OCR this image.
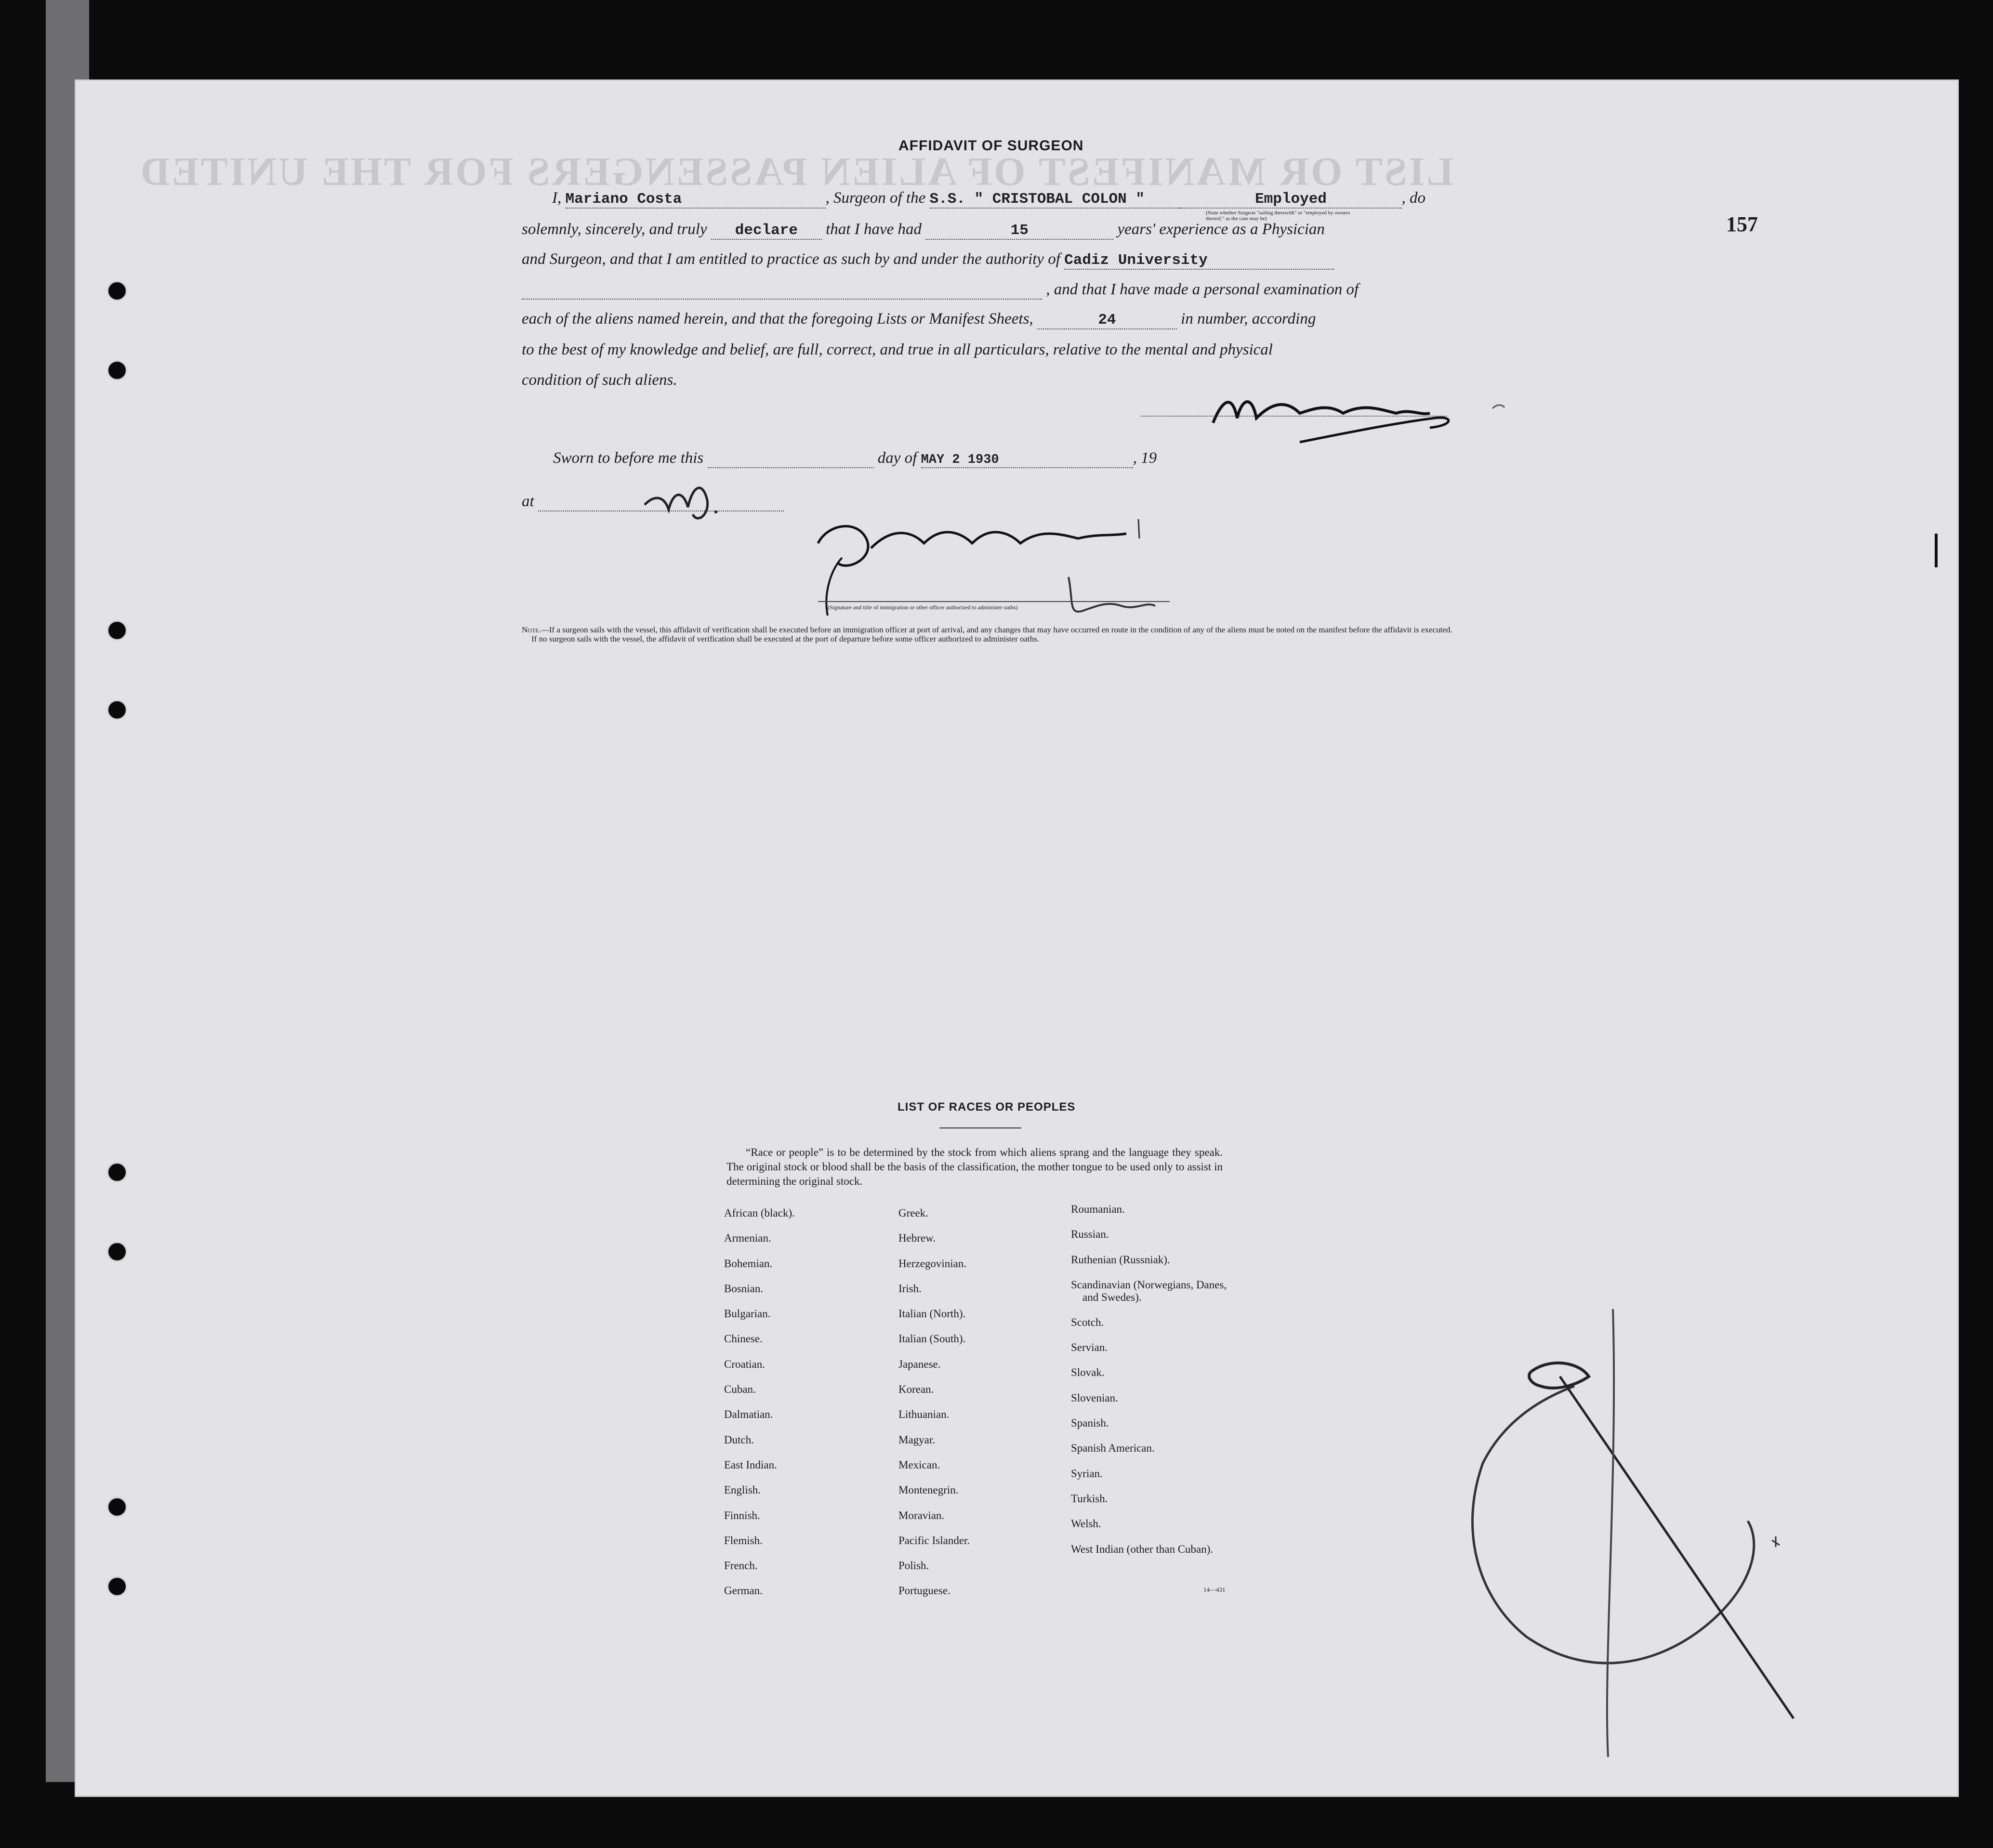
LIST OR MANIFEST OF ALIEN PASSENGERS FOR THE UNITED
157
AFFIDAVIT OF SURGEON
I, Mariano Costa	, Surgeon of the S.S. " CRISTOBAL COLON "	Employed	, do
(State whether Surgeon "sailing therewith" or "employed by owners thereof," as the case may be)
solemnly, sincerely, and truly declare that I have had	15	years' experience as a Physician
and Surgeon, and that I am entitled to practice as such by and under the authority of Cadiz University
, and that I have made a personal examination of
each of the aliens named herein, and that the foregoing Lists or Manifest Sheets,	24	in number, according
to the best of my knowledge and belief, are full, correct, and true in all particulars, relative to the mental and physical
condition of such aliens.
Sworn to before me this	day of MAY 2 1930	, 19
at
(Signature and title of immigration or other officer authorized to administer oaths)
Note.—If a surgeon sails with the vessel, this affidavit of verification shall be executed before an immigration officer at port of arrival, and any changes that may have occurred en route in the condition of any of the aliens must be noted on the manifest before the affidavit is executed.
If no surgeon sails with the vessel, the affidavit of verification shall be executed at the port of departure before some officer authorized to administer oaths.
LIST OF RACES OR PEOPLES
“Race or people” is to be determined by the stock from which aliens sprang and the language they speak. The original stock or blood shall be the basis of the classification, the mother tongue to be used only to assist in determining the original stock.
African (black).
Armenian.
Bohemian.
Bosnian.
Bulgarian.
Chinese.
Croatian.
Cuban.
Dalmatian.
Dutch.
East Indian.
English.
Finnish.
Flemish.
French.
German.
Greek.
Hebrew.
Herzegovinian.
Irish.
Italian (North).
Italian (South).
Japanese.
Korean.
Lithuanian.
Magyar.
Mexican.
Montenegrin.
Moravian.
Pacific Islander.
Polish.
Portuguese.
Roumanian.
Russian.
Ruthenian (Russniak).
Scandinavian (Norwegians, Danes, and Swedes).
Scotch.
Servian.
Slovak.
Slovenian.
Spanish.
Spanish American.
Syrian.
Turkish.
Welsh.
West Indian (other than Cuban).
14—431
